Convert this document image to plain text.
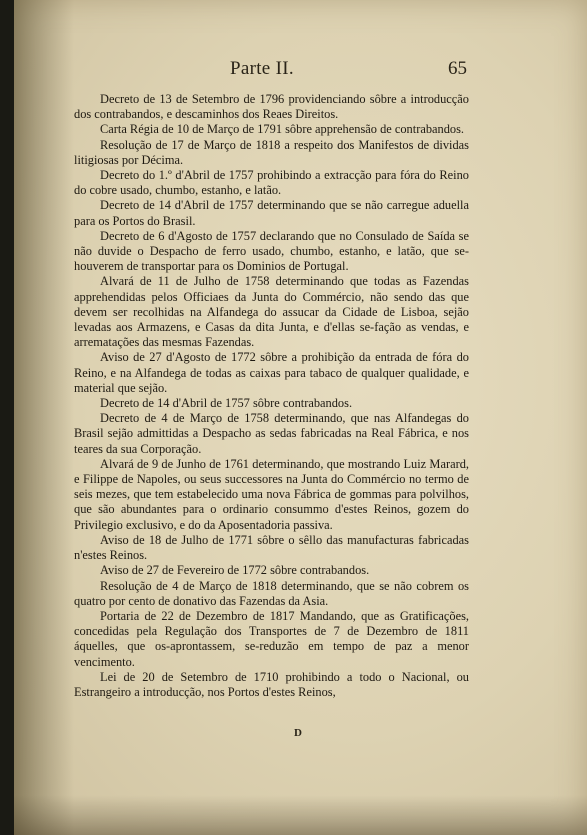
Parte II.	65

Decreto de 13 de Setembro de 1796 providenciando sôbre a introducção dos contrabandos, e descaminhos dos Reaes Direitos.

Carta Régia de 10 de Março de 1791 sôbre apprehensão de contrabandos.

Resolução de 17 de Março de 1818 a respeito dos Manifestos de dividas litigiosas por Décima.

Decreto do 1.º d'Abril de 1757 prohibindo a extracção para fóra do Reino do cobre usado, chumbo, estanho, e latão.

Decreto de 14 d'Abril de 1757 determinando que se não carregue aduella para os Portos do Brasil.

Decreto de 6 d'Agosto de 1757 declarando que no Consulado de Saída se não duvide o Despacho de ferro usado, chumbo, estanho, e latão, que se-houverem de transportar para os Dominios de Portugal.

Alvará de 11 de Julho de 1758 determinando que todas as Fazendas apprehendidas pelos Officiaes da Junta do Commércio, não sendo das que devem ser recolhidas na Alfandega do assucar da Cidade de Lisboa, sejão levadas aos Armazens, e Casas da dita Junta, e d'ellas se-fação as vendas, e arrematações das mesmas Fazendas.

Aviso de 27 d'Agosto de 1772 sôbre a prohibição da entrada de fóra do Reino, e na Alfandega de todas as caixas para tabaco de qualquer qualidade, e material que sejão.

Decreto de 14 d'Abril de 1757 sôbre contrabandos.

Decreto de 4 de Março de 1758 determinando, que nas Alfandegas do Brasil sejão admittidas a Despacho as sedas fabricadas na Real Fábrica, e nos teares da sua Corporação.

Alvará de 9 de Junho de 1761 determinando, que mostrando Luiz Marard, e Filippe de Napoles, ou seus successores na Junta do Commércio no termo de seis mezes, que tem estabelecido uma nova Fábrica de gommas para polvilhos, que são abundantes para o ordinario consummo d'estes Reinos, gozem do Privilegio exclusivo, e do da Aposentadoria passiva.

Aviso de 18 de Julho de 1771 sôbre o sêllo das manufacturas fabricadas n'estes Reinos.

Aviso de 27 de Fevereiro de 1772 sôbre contrabandos.

Resolução de 4 de Março de 1818 determinando, que se não cobrem os quatro por cento de donativo das Fazendas da Asia.

Portaria de 22 de Dezembro de 1817 Mandando, que as Gratificações, concedidas pela Regulação dos Transportes de 7 de Dezembro de 1811 áquelles, que os-aprontassem, se-reduzão em tempo de paz a menor vencimento.

Lei de 20 de Setembro de 1710 prohibindo a todo o Nacional, ou Estrangeiro a introducção, nos Portos d'estes Reinos,

D
